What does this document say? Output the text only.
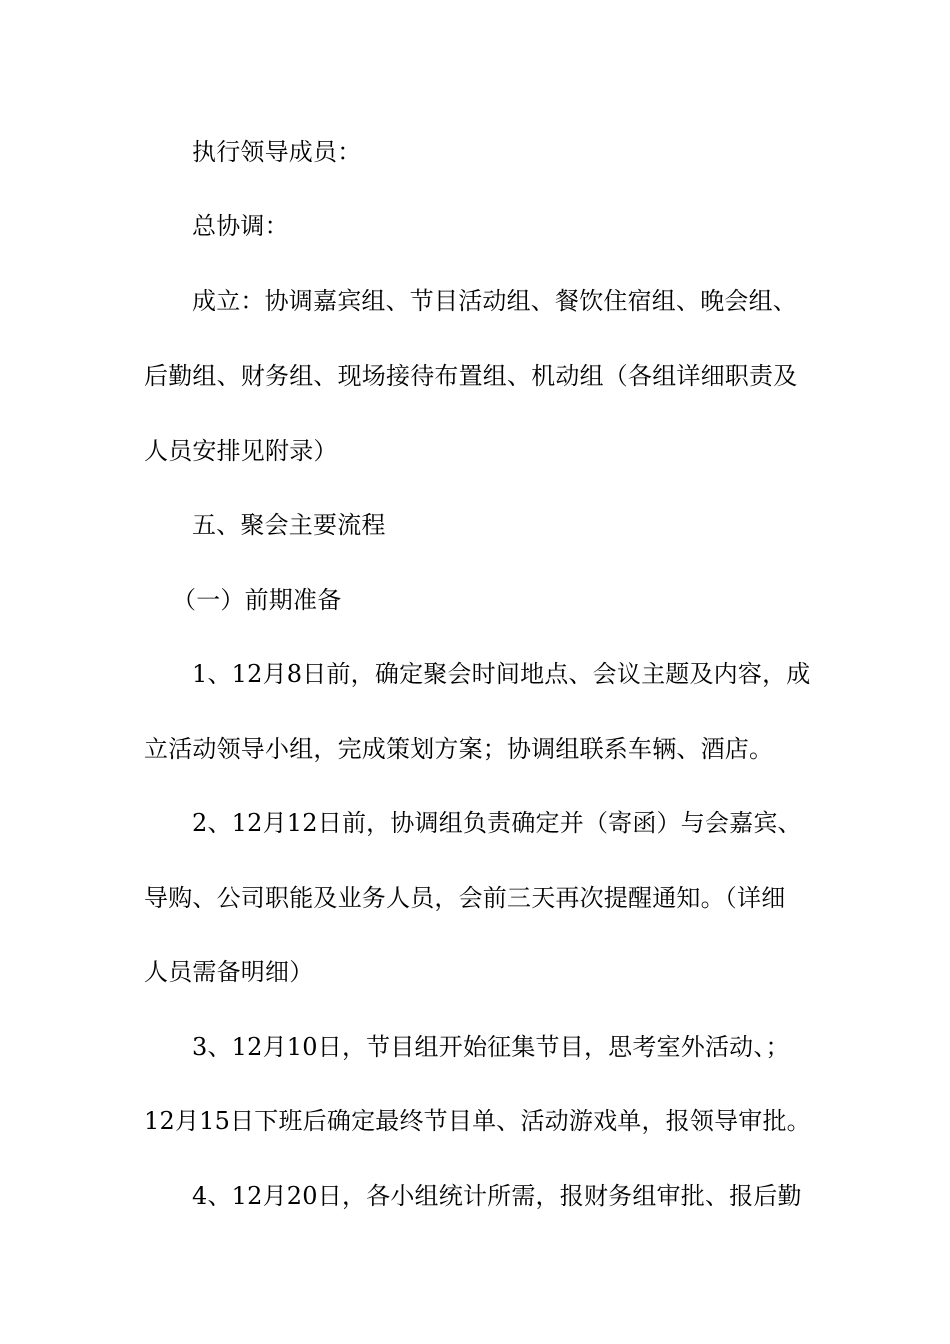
执行领导成员：
总协调：
成立：协调嘉宾组、节目活动组、餐饮住宿组、晚会组、
后勤组、财务组、现场接待布置组、机动组（各组详细职责及
人员安排见附录）
五、聚会主要流程
（一）前期准备
1、12月8日前，确定聚会时间地点、会议主题及内容，成
立活动领导小组，完成策划方案；协调组联系车辆、酒店。
2、12月12日前，协调组负责确定并（寄函）与会嘉宾、
导购、公司职能及业务人员，会前三天再次提醒通知。（详细
人员需备明细）
3、12月10日，节目组开始征集节目，思考室外活动、；
12月15日下班后确定最终节目单、活动游戏单，报领导审批。
4、12月20日，各小组统计所需，报财务组审批、报后勤
